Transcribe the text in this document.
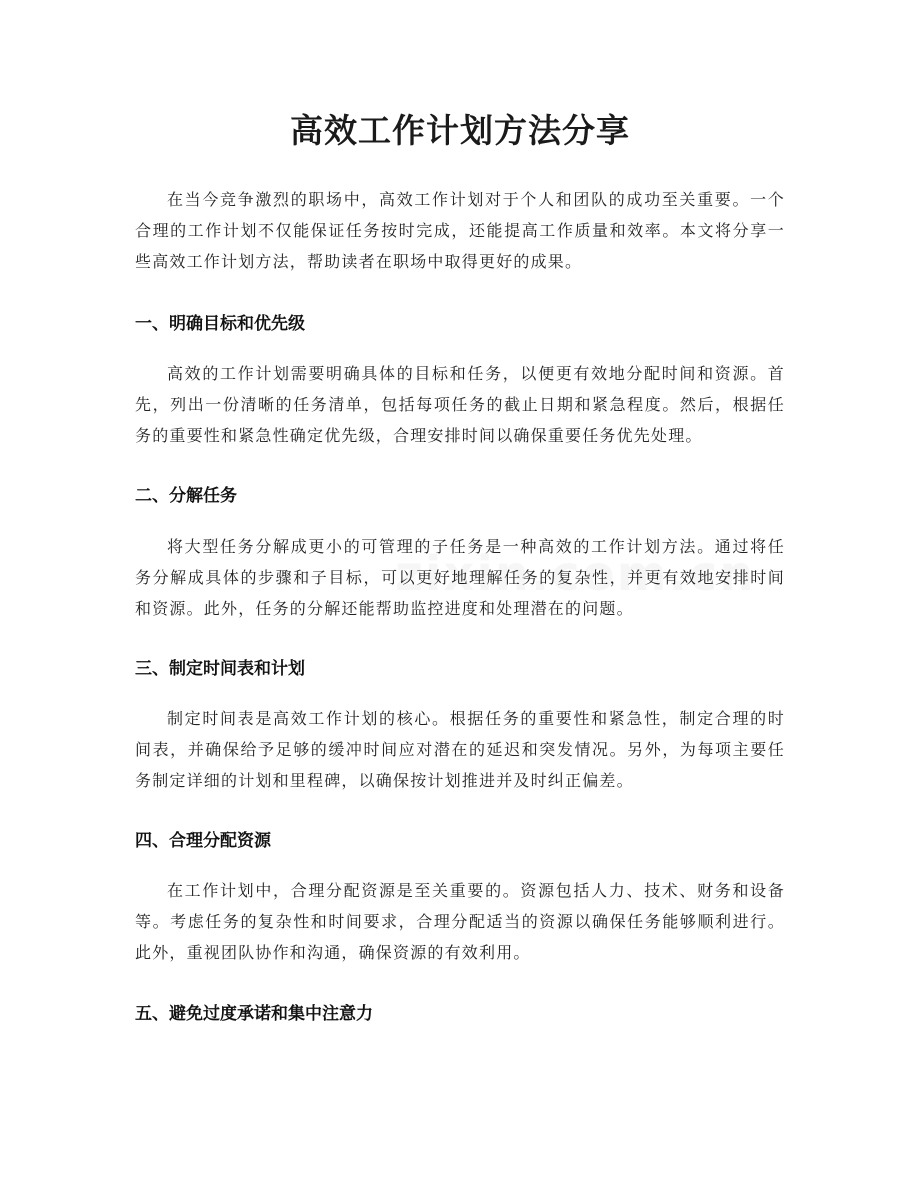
高效工作计划方法分享

在当今竞争激烈的职场中，高效工作计划对于个人和团队的成功至关重要。一个合理的工作计划不仅能保证任务按时完成，还能提高工作质量和效率。本文将分享一些高效工作计划方法，帮助读者在职场中取得更好的成果。

一、明确目标和优先级

高效的工作计划需要明确具体的目标和任务，以便更有效地分配时间和资源。首先，列出一份清晰的任务清单，包括每项任务的截止日期和紧急程度。然后，根据任务的重要性和紧急性确定优先级，合理安排时间以确保重要任务优先处理。

二、分解任务

将大型任务分解成更小的可管理的子任务是一种高效的工作计划方法。通过将任务分解成具体的步骤和子目标，可以更好地理解任务的复杂性，并更有效地安排时间和资源。此外，任务的分解还能帮助监控进度和处理潜在的问题。

三、制定时间表和计划

制定时间表是高效工作计划的核心。根据任务的重要性和紧急性，制定合理的时间表，并确保给予足够的缓冲时间应对潜在的延迟和突发情况。另外，为每项主要任务制定详细的计划和里程碑，以确保按计划推进并及时纠正偏差。

四、合理分配资源

在工作计划中，合理分配资源是至关重要的。资源包括人力、技术、财务和设备等。考虑任务的复杂性和时间要求，合理分配适当的资源以确保任务能够顺利进行。此外，重视团队协作和沟通，确保资源的有效利用。

五、避免过度承诺和集中注意力
